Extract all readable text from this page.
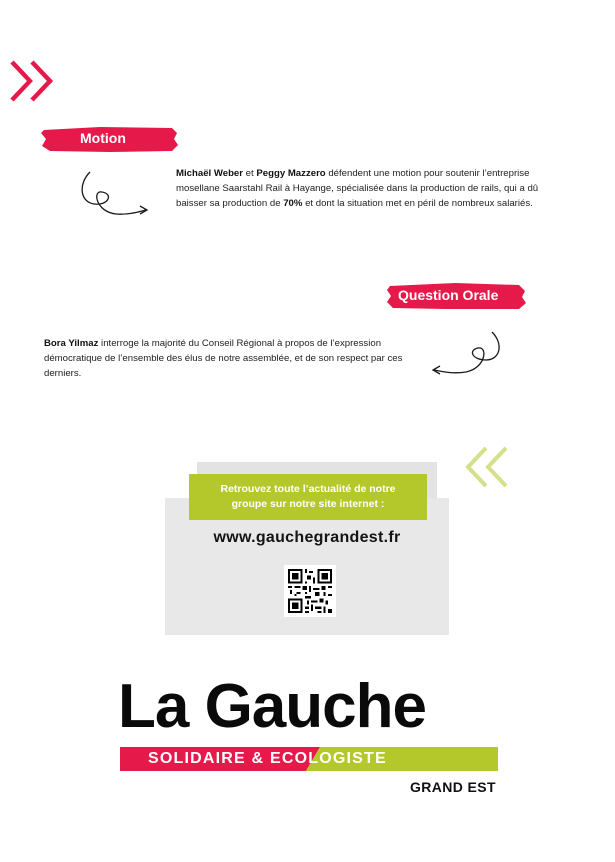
Motion
Michaël Weber et Peggy Mazzero défendent une motion pour soutenir l’entreprise mosellane Saarstahl Rail à Hayange, spécialisée dans la production de rails, qui a dû baisser sa production de 70% et dont la situation met en péril de nombreux salariés.
Question Orale
Bora Yilmaz interroge la majorité du Conseil Régional à propos de l’expression démocratique de l’ensemble des élus de notre assemblée, et de son respect par ces derniers.
Retrouvez toute l’actualité de notre groupe sur notre site internet :
www.gauchegrandest.fr
La Gauche
SOLIDAIRE & ECOLOGISTE
GRAND EST
